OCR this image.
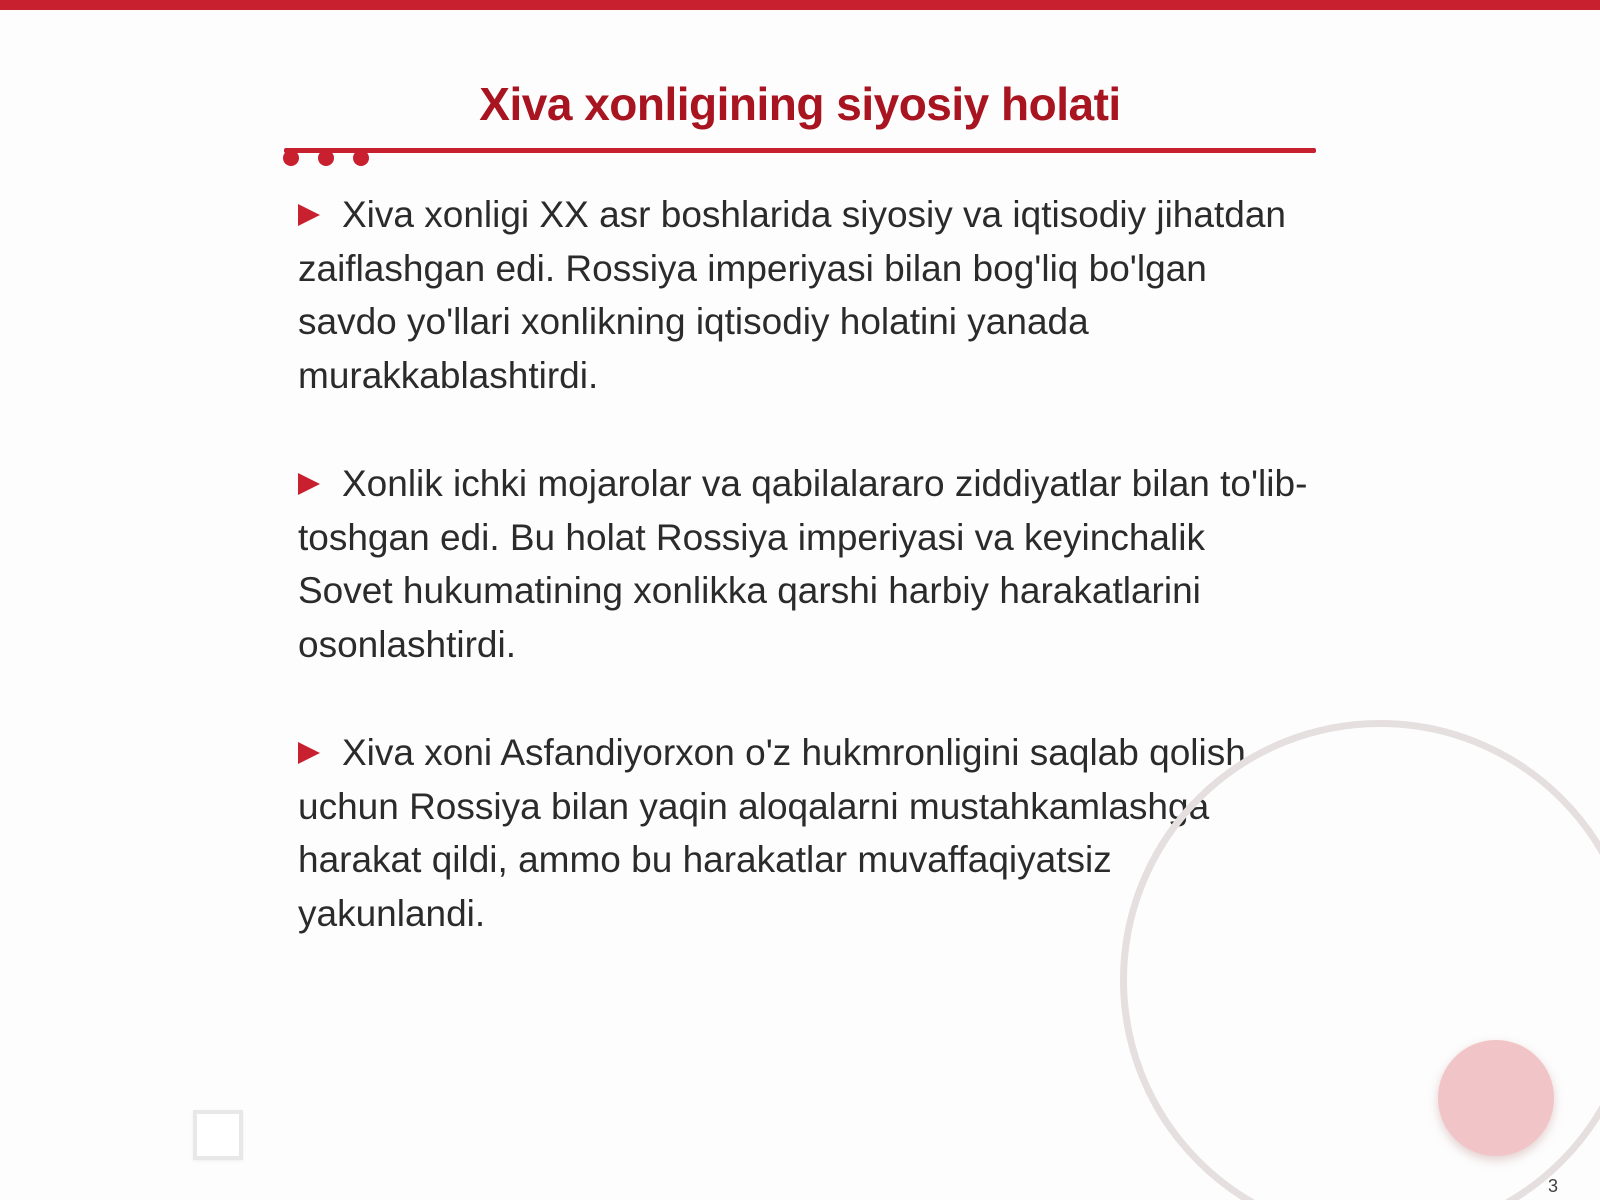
Xiva xonligining siyosiy holati
Xiva xonligi XX asr boshlarida siyosiy va iqtisodiy jihatdan zaiflashgan edi. Rossiya imperiyasi bilan bog'liq bo'lgan savdo yo'llari xonlikning iqtisodiy holatini yanada murakkablashtirdi.
Xonlik ichki mojarolar va qabilalararo ziddiyatlar bilan to'lib-toshgan edi. Bu holat Rossiya imperiyasi va keyinchalik Sovet hukumatining xonlikka qarshi harbiy harakatlarini osonlashtirdi.
Xiva xoni Asfandiyorxon o'z hukmronligini saqlab qolish uchun Rossiya bilan yaqin aloqalarni mustahkamlashga harakat qildi, ammo bu harakatlar muvaffaqiyatsiz yakunlandi.
3
